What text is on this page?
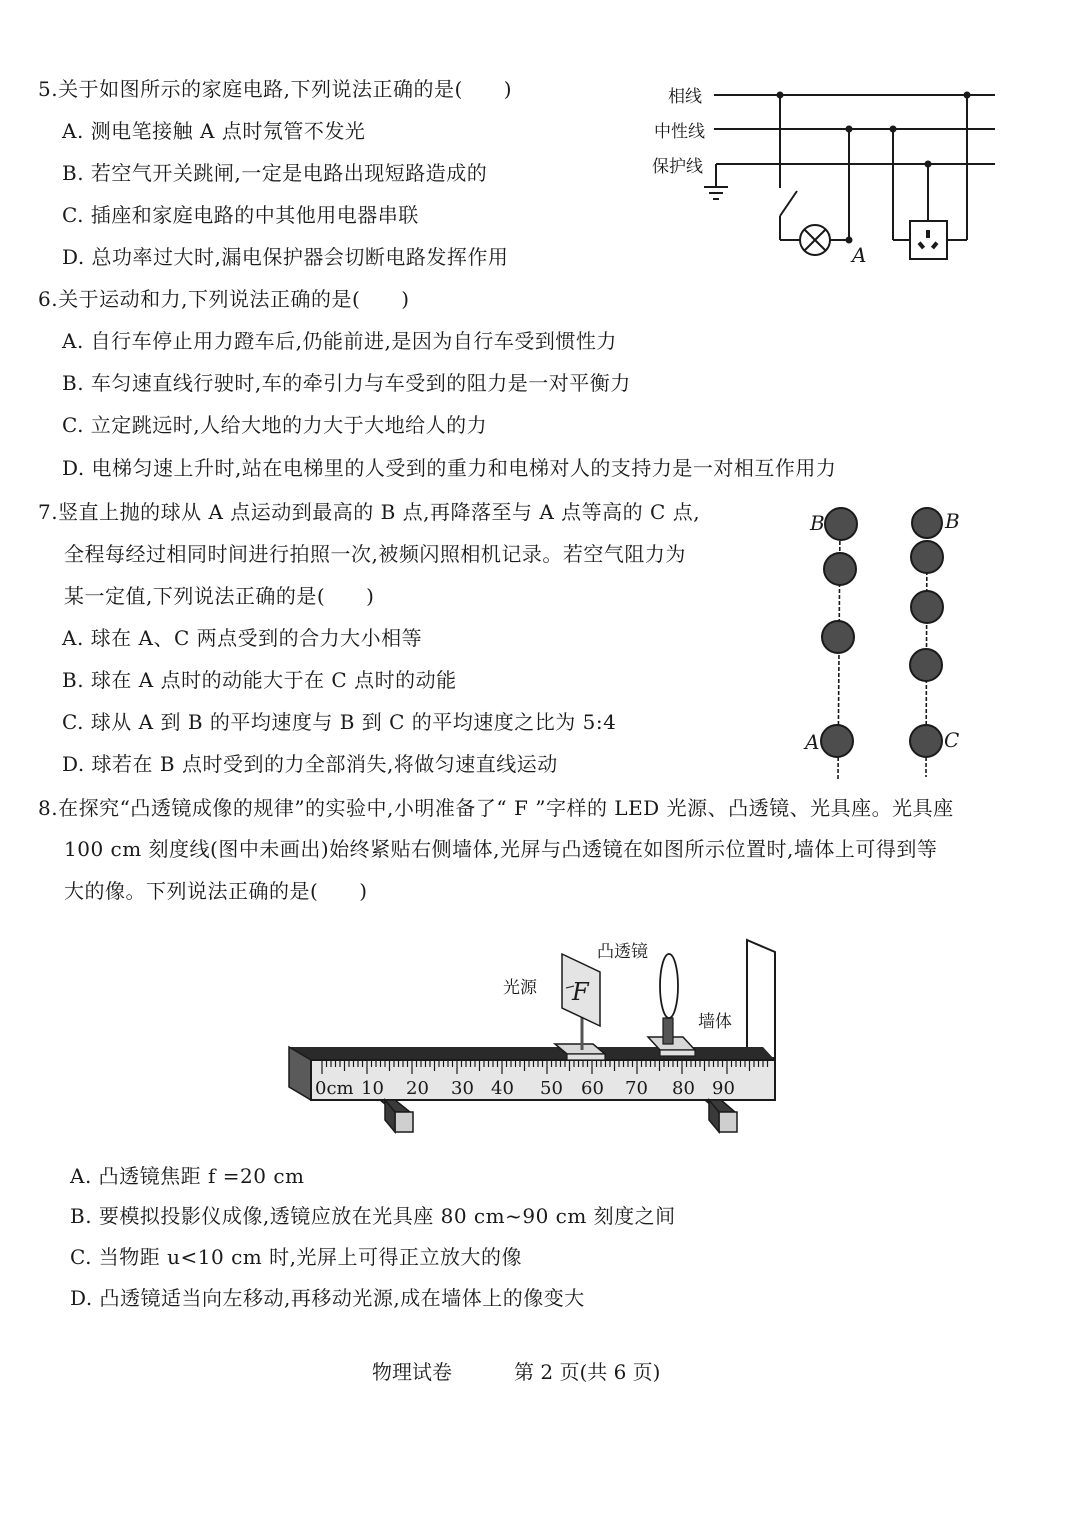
5.关于如图所示的家庭电路,下列说法正确的是(　　)
A. 测电笔接触 A 点时氖管不发光
B. 若空气开关跳闸,一定是电路出现短路造成的
C. 插座和家庭电路的中其他用电器串联
D. 总功率过大时,漏电保护器会切断电路发挥作用
相线
中性线
保护线
A
6.关于运动和力,下列说法正确的是(　　)
A. 自行车停止用力蹬车后,仍能前进,是因为自行车受到惯性力
B. 车匀速直线行驶时,车的牵引力与车受到的阻力是一对平衡力
C. 立定跳远时,人给大地的力大于大地给人的力
D. 电梯匀速上升时,站在电梯里的人受到的重力和电梯对人的支持力是一对相互作用力
7.竖直上抛的球从 A 点运动到最高的 B 点,再降落至与 A 点等高的 C 点,
全程每经过相同时间进行拍照一次,被频闪照相机记录。若空气阻力为
某一定值,下列说法正确的是(　　)
A. 球在 A、C 两点受到的合力大小相等
B. 球在 A 点时的动能大于在 C 点时的动能
C. 球从 A 到 B 的平均速度与 B 到 C 的平均速度之比为 5:4
D. 球若在 B 点时受到的力全部消失,将做匀速直线运动
B
A
B
C
8.在探究“凸透镜成像的规律”的实验中,小明准备了“ F ”字样的 LED 光源、凸透镜、光具座。光具座
100 cm 刻度线(图中未画出)始终紧贴右侧墙体,光屏与凸透镜在如图所示位置时,墙体上可得到等
大的像。下列说法正确的是(　　)
0cm 10 20 30 40 50 60 70 80 90
F
光源
凸透镜
墙体
A. 凸透镜焦距 f =20 cm
B. 要模拟投影仪成像,透镜应放在光具座 80 cm~90 cm 刻度之间
C. 当物距 u<10 cm 时,光屏上可得正立放大的像
D. 凸透镜适当向左移动,再移动光源,成在墙体上的像变大
物理试卷	第 2 页(共 6 页)
